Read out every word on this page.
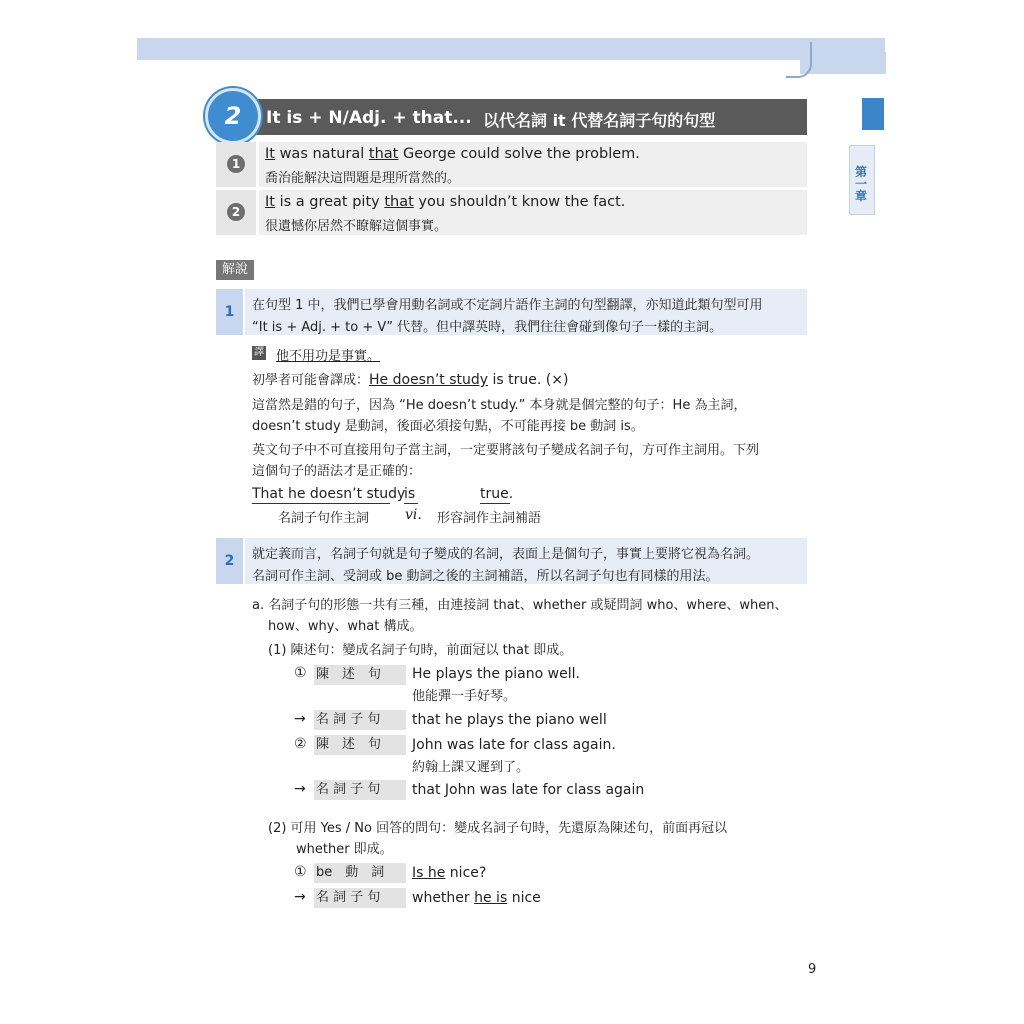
第
一
章
2	It is + N/Adj. + that... 以代名詞 it 代替名詞子句的句型
1
It was natural that George could solve the problem.
喬治能解決這問題是理所當然的。
2
It is a great pity that you shouldn’t know the fact.
很遺憾你居然不瞭解這個事實。
解說
1	在句型 1 中，我們已學會用動名詞或不定詞片語作主詞的句型翻譯，亦知道此類句型可用
“It is + Adj. + to + V” 代替。但中譯英時，我們往往會碰到像句子一樣的主詞。
譯 他不用功是事實。
初學者可能會譯成：He doesn’t study is true. (×)
這當然是錯的句子，因為 “He doesn’t study.” 本身就是個完整的句子：He 為主詞，
doesn’t study 是動詞，後面必須接句點，不可能再接 be 動詞 is。
英文句子中不可直接用句子當主詞，一定要將該句子變成名詞子句，方可作主詞用。下列
這個句子的語法才是正確的：
That he doesn’t study
is	true.
名詞子句作主詞	vi. 形容詞作主詞補語
2	就定義而言，名詞子句就是句子變成的名詞，表面上是個句子，事實上要將它視為名詞。
名詞可作主詞、受詞或 be 動詞之後的主詞補語，所以名詞子句也有同樣的用法。
a. 名詞子句的形態一共有三種，由連接詞 that、whether 或疑問詞 who、where、when、
how、why、what 構成。
(1) 陳述句：變成名詞子句時，前面冠以 that 即成。
① 陳　述　句	He plays the piano well.
他能彈一手好琴。
→ 名 詞 子 句	that he plays the piano well
② 陳　述　句	John was late for class again.
約翰上課又遲到了。
→ 名 詞 子 句	that John was late for class again
(2) 可用 Yes / No 回答的問句：變成名詞子句時，先還原為陳述句，前面再冠以
whether 即成。
① be　動　詞	Is he nice?
→ 名 詞 子 句	whether he is nice
9
